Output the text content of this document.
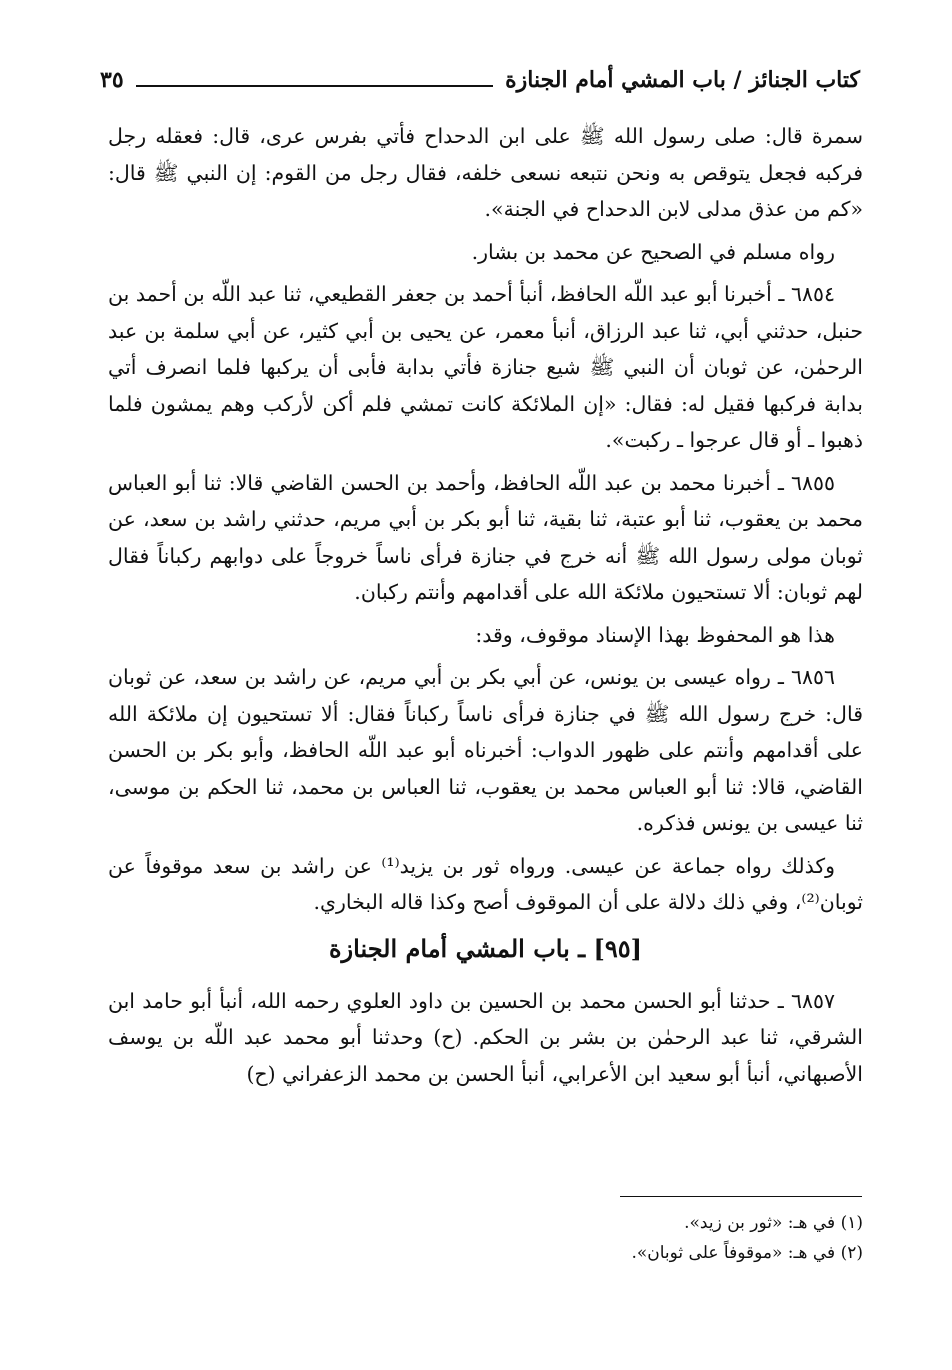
كتاب الجنائز / باب المشي أمام الجنازة
٣٥

سمرة قال: صلى رسول الله ﷺ على ابن الدحداح فأتي بفرس عرى، قال: فعقله رجل فركبه فجعل يتوقص به ونحن نتبعه نسعى خلفه، فقال رجل من القوم: إن النبي ﷺ قال: «كم من عذق مدلى لابن الدحداح في الجنة».

رواه مسلم في الصحيح عن محمد بن بشار.

٦٨٥٤ ـ أخبرنا أبو عبد اللّه الحافظ، أنبأ أحمد بن جعفر القطيعي، ثنا عبد اللّه بن أحمد بن حنبل، حدثني أبي، ثنا عبد الرزاق، أنبأ معمر، عن يحيى بن أبي كثير، عن أبي سلمة بن عبد الرحمٰن، عن ثوبان أن النبي ﷺ شيع جنازة فأتي بدابة فأبى أن يركبها فلما انصرف أتي بدابة فركبها فقيل له: فقال: «إن الملائكة كانت تمشي فلم أكن لأركب وهم يمشون فلما ذهبوا ـ أو قال عرجوا ـ ركبت».

٦٨٥٥ ـ أخبرنا محمد بن عبد اللّه الحافظ، وأحمد بن الحسن القاضي قالا: ثنا أبو العباس محمد بن يعقوب، ثنا أبو عتبة، ثنا بقية، ثنا أبو بكر بن أبي مريم، حدثني راشد بن سعد، عن ثوبان مولى رسول الله ﷺ أنه خرج في جنازة فرأى ناساً خروجاً على دوابهم ركباناً فقال لهم ثوبان: ألا تستحيون ملائكة الله على أقدامهم وأنتم ركبان.

هذا هو المحفوظ بهذا الإسناد موقوف، وقد:

٦٨٥٦ ـ رواه عيسى بن يونس، عن أبي بكر بن أبي مريم، عن راشد بن سعد، عن ثوبان قال: خرج رسول الله ﷺ في جنازة فرأى ناساً ركباناً فقال: ألا تستحيون إن ملائكة الله على أقدامهم وأنتم على ظهور الدواب: أخبرناه أبو عبد اللّه الحافظ، وأبو بكر بن الحسن القاضي، قالا: ثنا أبو العباس محمد بن يعقوب، ثنا العباس بن محمد، ثنا الحكم بن موسى، ثنا عيسى بن يونس فذكره.

وكذلك رواه جماعة عن عيسى. ورواه ثور بن يزيد⁽¹⁾ عن راشد بن سعد موقوفاً عن ثوبان⁽²⁾، وفي ذلك دلالة على أن الموقوف أصح وكذا قاله البخاري.

[٩٥] ـ باب المشي أمام الجنازة

٦٨٥٧ ـ حدثنا أبو الحسن محمد بن الحسين بن داود العلوي رحمه الله، أنبأ أبو حامد ابن الشرقي، ثنا عبد الرحمٰن بن بشر بن الحكم. (ح) وحدثنا أبو محمد عبد اللّه بن يوسف الأصبهاني، أنبأ أبو سعيد ابن الأعرابي، أنبأ الحسن بن محمد الزعفراني (ح)

(١) في هـ: «ثور بن زيد».

(٢) في هـ: «موقوفاً على ثوبان».
